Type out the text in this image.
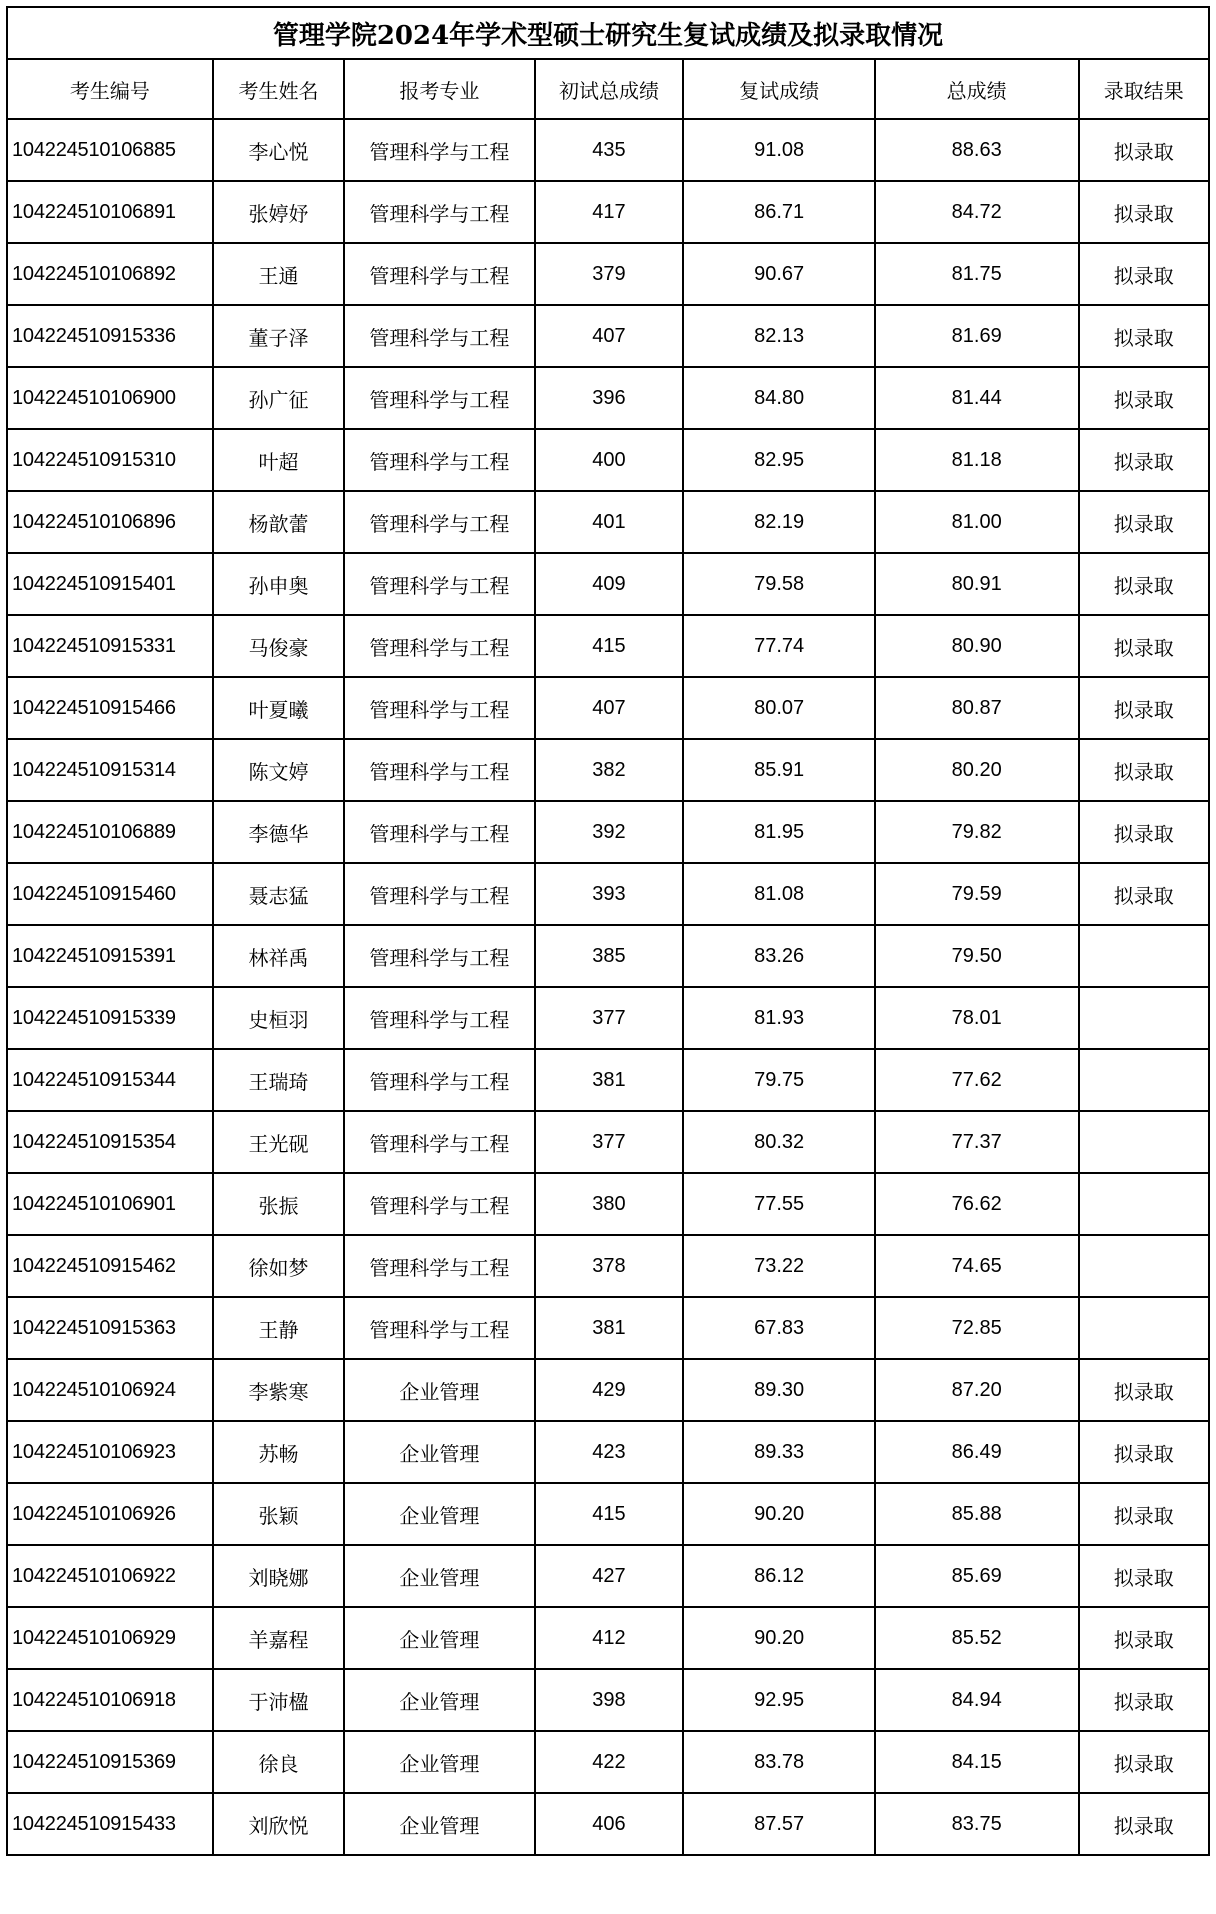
管理学院2024年学术型硕士研究生复试成绩及拟录取情况						
考生编号	考生姓名	报考专业	初试总成绩	复试成绩	总成绩	录取结果
104224510106885	李心悦	管理科学与工程	435	91.08	88.63	拟录取
104224510106891	张婷妤	管理科学与工程	417	86.71	84.72	拟录取
104224510106892	王通	管理科学与工程	379	90.67	81.75	拟录取
104224510915336	董子泽	管理科学与工程	407	82.13	81.69	拟录取
104224510106900	孙广征	管理科学与工程	396	84.80	81.44	拟录取
104224510915310	叶超	管理科学与工程	400	82.95	81.18	拟录取
104224510106896	杨歆蕾	管理科学与工程	401	82.19	81.00	拟录取
104224510915401	孙申奥	管理科学与工程	409	79.58	80.91	拟录取
104224510915331	马俊豪	管理科学与工程	415	77.74	80.90	拟录取
104224510915466	叶夏曦	管理科学与工程	407	80.07	80.87	拟录取
104224510915314	陈文婷	管理科学与工程	382	85.91	80.20	拟录取
104224510106889	李德华	管理科学与工程	392	81.95	79.82	拟录取
104224510915460	聂志猛	管理科学与工程	393	81.08	79.59	拟录取
104224510915391	林祥禹	管理科学与工程	385	83.26	79.50	
104224510915339	史桓羽	管理科学与工程	377	81.93	78.01	
104224510915344	王瑞琦	管理科学与工程	381	79.75	77.62	
104224510915354	王光砚	管理科学与工程	377	80.32	77.37	
104224510106901	张振	管理科学与工程	380	77.55	76.62	
104224510915462	徐如梦	管理科学与工程	378	73.22	74.65	
104224510915363	王静	管理科学与工程	381	67.83	72.85	
104224510106924	李紫寒	企业管理	429	89.30	87.20	拟录取
104224510106923	苏畅	企业管理	423	89.33	86.49	拟录取
104224510106926	张颖	企业管理	415	90.20	85.88	拟录取
104224510106922	刘晓娜	企业管理	427	86.12	85.69	拟录取
104224510106929	羊嘉程	企业管理	412	90.20	85.52	拟录取
104224510106918	于沛楹	企业管理	398	92.95	84.94	拟录取
104224510915369	徐良	企业管理	422	83.78	84.15	拟录取
104224510915433	刘欣悦	企业管理	406	87.57	83.75	拟录取
